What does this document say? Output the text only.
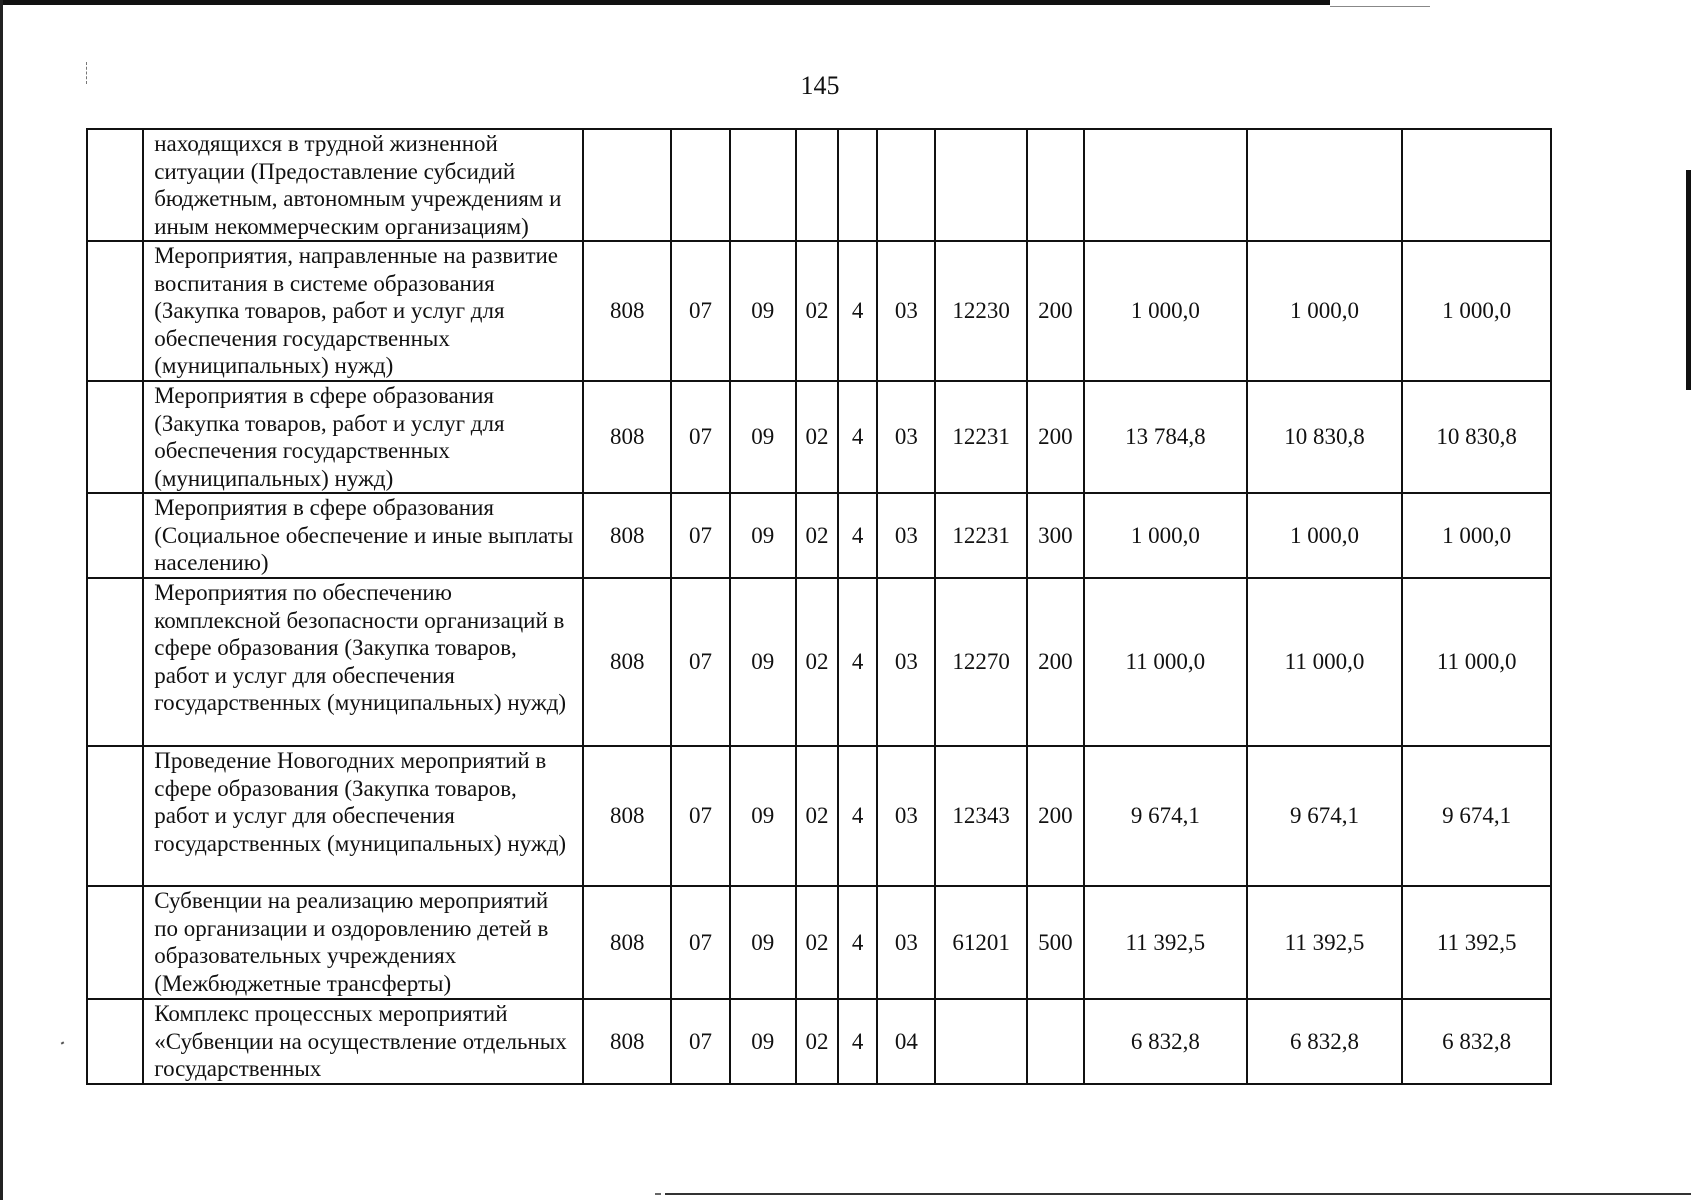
145
	находящихся в трудной жизненной ситуации (Предоставление субсидий бюджетным, автономным учреждениям и иным некоммерческим организациям)											
	Мероприятия, направленные на развитие воспитания в системе образования (Закупка товаров, работ и услуг для обеспечения государственных (муниципальных) нужд)	808	07	09	02	4	03	12230	200	1 000,0	1 000,0	1 000,0
	Мероприятия в сфере образования (Закупка товаров, работ и услуг для обеспечения государственных (муниципальных) нужд)	808	07	09	02	4	03	12231	200	13 784,8	10 830,8	10 830,8
	Мероприятия в сфере образования (Социальное обеспечение и иные выплаты населению)	808	07	09	02	4	03	12231	300	1 000,0	1 000,0	1 000,0
	Мероприятия по обеспечению комплексной безопасности организаций в сфере образования (Закупка товаров, работ и услуг для обеспечения государственных (муниципальных) нужд)	808	07	09	02	4	03	12270	200	11 000,0	11 000,0	11 000,0
	Проведение Новогодних мероприятий в сфере образования (Закупка товаров, работ и услуг для обеспечения государственных (муниципальных) нужд)	808	07	09	02	4	03	12343	200	9 674,1	9 674,1	9 674,1
	Субвенции на реализацию мероприятий по организации и оздоровлению детей в образовательных учреждениях (Межбюджетные трансферты)	808	07	09	02	4	03	61201	500	11 392,5	11 392,5	11 392,5
	Комплекс процессных мероприятий «Субвенции на осуществление отдельных государственных	808	07	09	02	4	04			6 832,8	6 832,8	6 832,8
